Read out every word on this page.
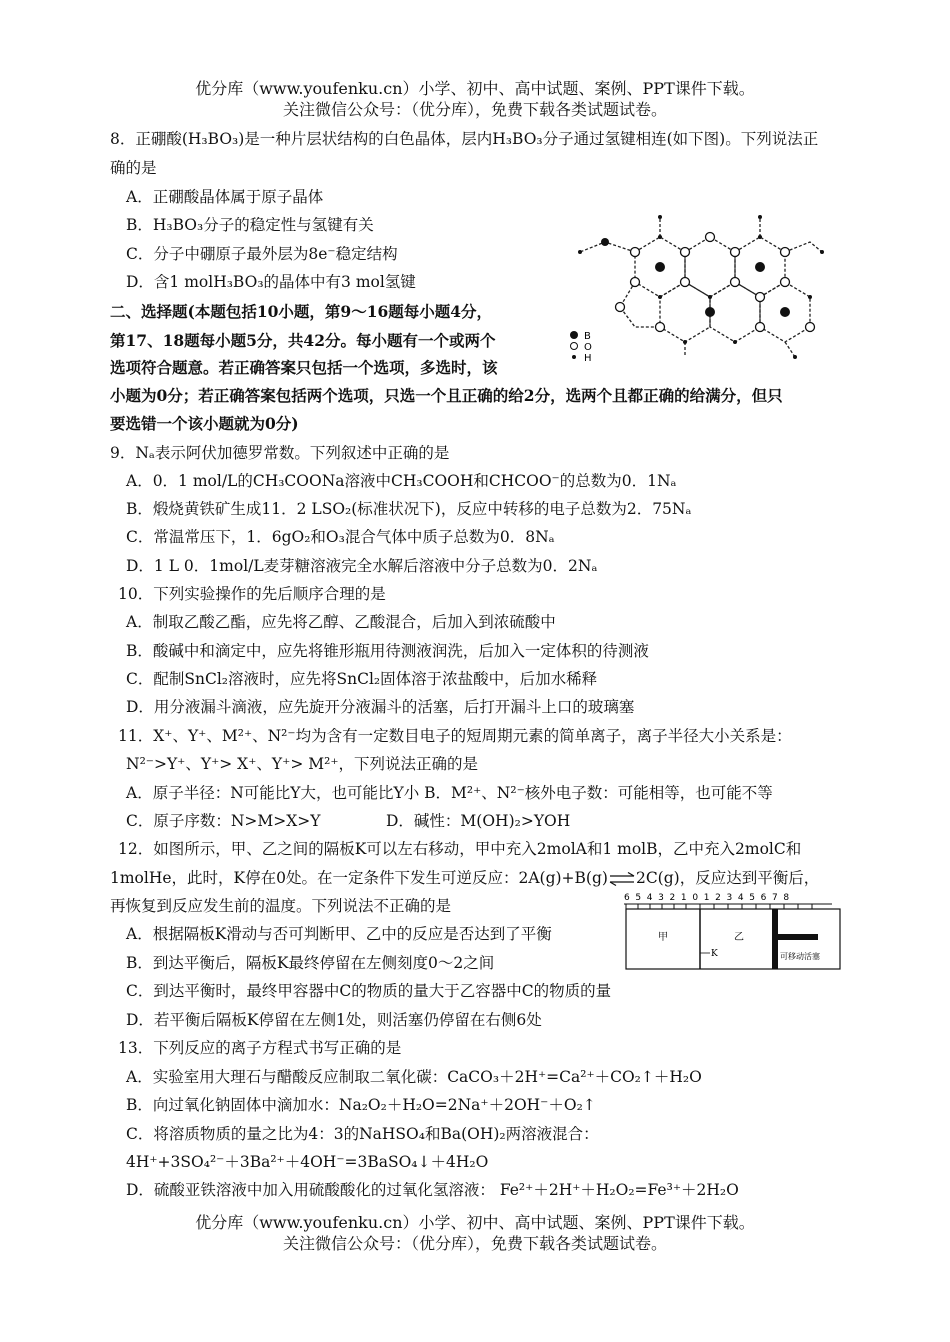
优分库（www.youfenku.cn）小学、初中、高中试题、案例、PPT课件下载。
关注微信公众号：（优分库），免费下载各类试题试卷。
8．正硼酸(H₃BO₃)是一种片层状结构的白色晶体，层内H₃BO₃分子通过氢键相连(如下图)。下列说法正
确的是
A．正硼酸晶体属于原子晶体
B．H₃BO₃分子的稳定性与氢键有关
C．分子中硼原子最外层为8e⁻稳定结构
D．含1 molH₃BO₃的晶体中有3 mol氢键
B
O
H
二、选择题(本题包括10小题，第9～16题每小题4分，
第17、18题每小题5分，共42分。每小题有一个或两个
选项符合题意。若正确答案只包括一个选项，多选时，该
小题为0分；若正确答案包括两个选项，只选一个且正确的给2分，选两个且都正确的给满分，但只
要选错一个该小题就为0分)
9．Nₐ表示阿伏加德罗常数。下列叙述中正确的是
A．0．1 mol/L的CH₃COONa溶液中CH₃COOH和CHCOO⁻的总数为0．1Nₐ
B．煅烧黄铁矿生成11．2 LSO₂(标准状况下)，反应中转移的电子总数为2．75Nₐ
C．常温常压下，1．6gO₂和O₃混合气体中质子总数为0．8Nₐ
D．1 L 0．1mol/L麦芽糖溶液完全水解后溶液中分子总数为0．2Nₐ
10．下列实验操作的先后顺序合理的是
A．制取乙酸乙酯，应先将乙醇、乙酸混合，后加入到浓硫酸中
B．酸碱中和滴定中，应先将锥形瓶用待测液润洗，后加入一定体积的待测液
C．配制SnCl₂溶液时，应先将SnCl₂固体溶于浓盐酸中，后加水稀释
D．用分液漏斗滴液，应先旋开分液漏斗的活塞，后打开漏斗上口的玻璃塞
11．X⁺、Y⁺、M²⁺、N²⁻均为含有一定数目电子的短周期元素的简单离子，离子半径大小关系是：
N²⁻>Y⁺、Y⁺> X⁺、Y⁺> M²⁺，下列说法正确的是
A．原子半径：N可能比Y大，也可能比Y小 B．M²⁺、N²⁻核外电子数：可能相等，也可能不等
C．原子序数：N>M>X>Y	D．碱性：M(OH)₂>YOH
12．如图所示，甲、乙之间的隔板K可以左右移动，甲中充入2molA和1 molB，乙中充入2molC和
1molHe，此时，K停在0处。在一定条件下发生可逆反应：2A(g)+B(g)⇌2C(g)，反应达到平衡后，
再恢复到反应发生前的温度。下列说法不正确的是
A．根据隔板K滑动与否可判断甲、乙中的反应是否达到了平衡
B．到达平衡后，隔板K最终停留在左侧刻度0～2之间
C．到达平衡时，最终甲容器中C的物质的量大于乙容器中C的物质的量
D．若平衡后隔板K停留在左侧1处，则活塞仍停留在右侧6处
6 5 4 3 2 1 0 1 2 3 4 5 6 7 8
甲	乙
K	可移动活塞
13．下列反应的离子方程式书写正确的是
A．实验室用大理石与醋酸反应制取二氧化碳：CaCO₃＋2H⁺=Ca²⁺＋CO₂↑＋H₂O
B．向过氧化钠固体中滴加水：Na₂O₂＋H₂O=2Na⁺＋2OH⁻＋O₂↑
C．将溶质物质的量之比为4：3的NaHSO₄和Ba(OH)₂两溶液混合：
4H⁺+3SO₄²⁻＋3Ba²⁺＋4OH⁻=3BaSO₄↓＋4H₂O
D．硫酸亚铁溶液中加入用硫酸酸化的过氧化氢溶液： Fe²⁺＋2H⁺＋H₂O₂=Fe³⁺＋2H₂O
优分库（www.youfenku.cn）小学、初中、高中试题、案例、PPT课件下载。
关注微信公众号：（优分库），免费下载各类试题试卷。
